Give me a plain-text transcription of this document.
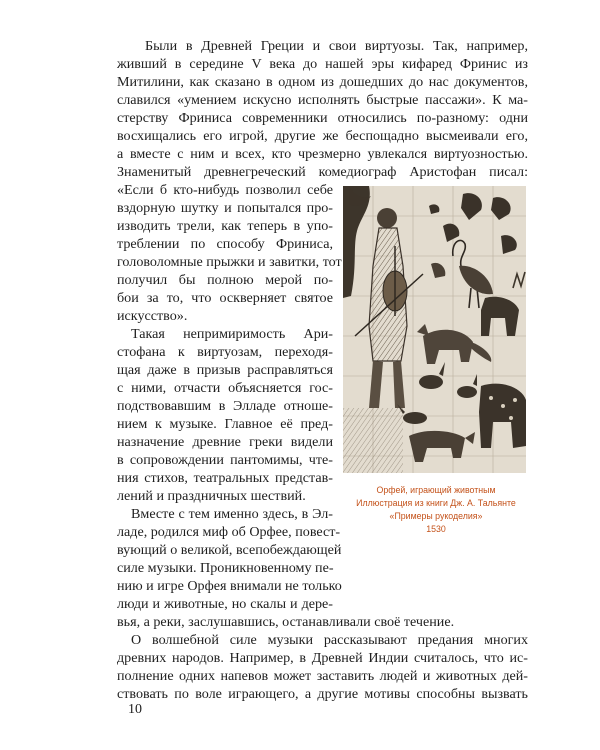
Были в Древней Греции и свои виртуозы. Так, например,
живший в середине V века до нашей эры кифаред Фринис из
Митилини, как сказано в одном из дошедших до нас документов,
славился «умением искусно исполнять быстрые пассажи». К ма-
стерству Фриниса современники относились по-разному: одни
восхищались его игрой, другие же беспощадно высмеивали его,
а вместе с ним и всех, кто чрезмерно увлекался виртуозностью.
Знаменитый древнегреческий комедиограф Аристофан писал:
«Если б кто-нибудь позволил себе
вздорную шутку и попытался про-
изводить трели, как теперь в упо-
треблении по способу Фриниса,
головоломные прыжки и завитки, тот
получил бы полною мерой по-
бои за то, что оскверняет святое
искусство».
Такая непримиримость Ари-
стофана к виртуозам, переходя-
щая даже в призыв расправляться
с ними, отчасти объясняется гос-
подствовавшим в Элладе отноше-
нием к музыке. Главное её пред-
назначение древние греки видели
в сопровождении пантомимы, чте-
ния стихов, театральных представ-
лений и праздничных шествий.
Вместе с тем именно здесь, в Эл-
ладе, родился миф об Орфее, повест-
вующий о великой, всепобеждающей
силе музыки. Проникновенному пе-
нию и игре Орфея внимали не только
люди и животные, но скалы и дере-
вья, а реки, заслушавшись, останавливали своё течение.
О волшебной силе музыки рассказывают предания многих
древних народов. Например, в Древней Индии считалось, что ис-
полнение одних напевов может заставить людей и животных дей-
ствовать по воле играющего, а другие мотивы способны вызвать
Орфей, играющий животным
Иллюстрация из книги Дж. А. Тальянте
«Примеры рукоделия»
1530
10
